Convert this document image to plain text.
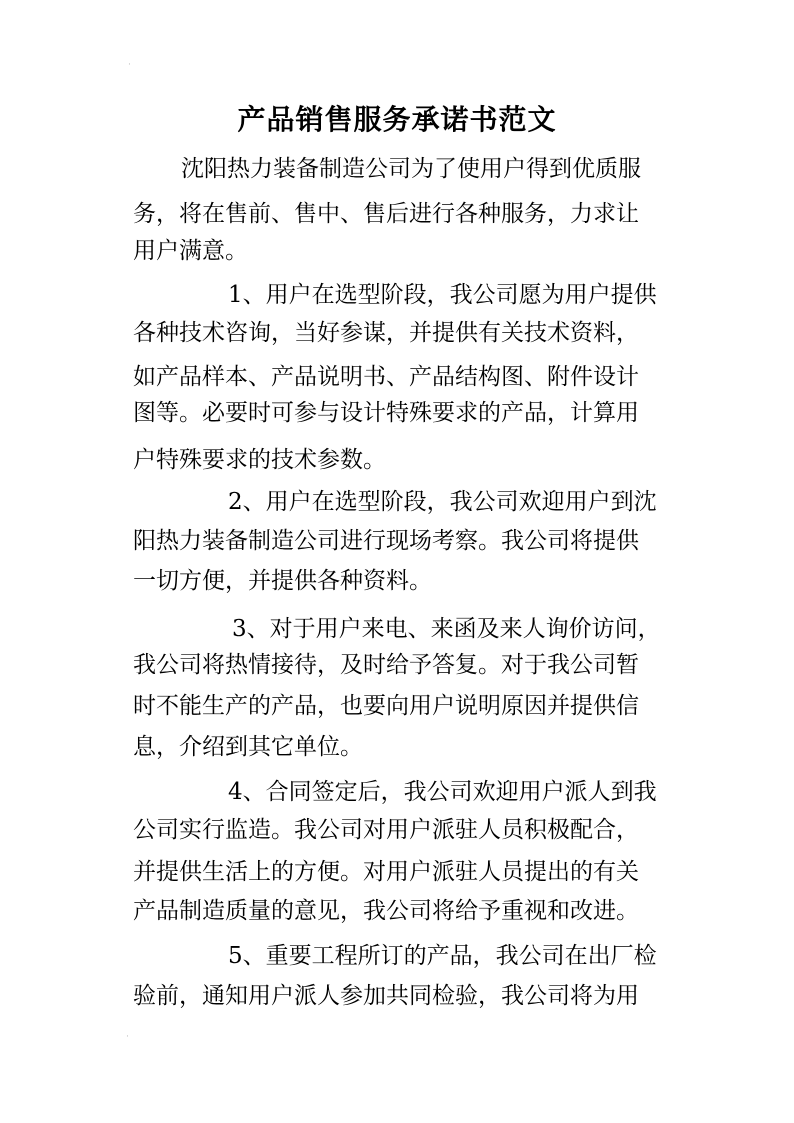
·
·
产品销售服务承诺书范文

沈阳热力装备制造公司为了使用户得到优质服

务，将在售前、售中、售后进行各种服务，力求让

用户满意。

1、用户在选型阶段，我公司愿为用户提供

各种技术咨询，当好参谋，并提供有关技术资料，

如产品样本、产品说明书、产品结构图、附件设计

图等。必要时可参与设计特殊要求的产品，计算用

户特殊要求的技术参数。

2、用户在选型阶段，我公司欢迎用户到沈

阳热力装备制造公司进行现场考察。我公司将提供

一切方便，并提供各种资料。

3、对于用户来电、来函及来人询价访问，

我公司将热情接待，及时给予答复。对于我公司暂

时不能生产的产品，也要向用户说明原因并提供信

息，介绍到其它单位。

4、合同签定后，我公司欢迎用户派人到我

公司实行监造。我公司对用户派驻人员积极配合，

并提供生活上的方便。对用户派驻人员提出的有关

产品制造质量的意见，我公司将给予重视和改进。

5、重要工程所订的产品，我公司在出厂检

验前，通知用户派人参加共同检验，我公司将为用
